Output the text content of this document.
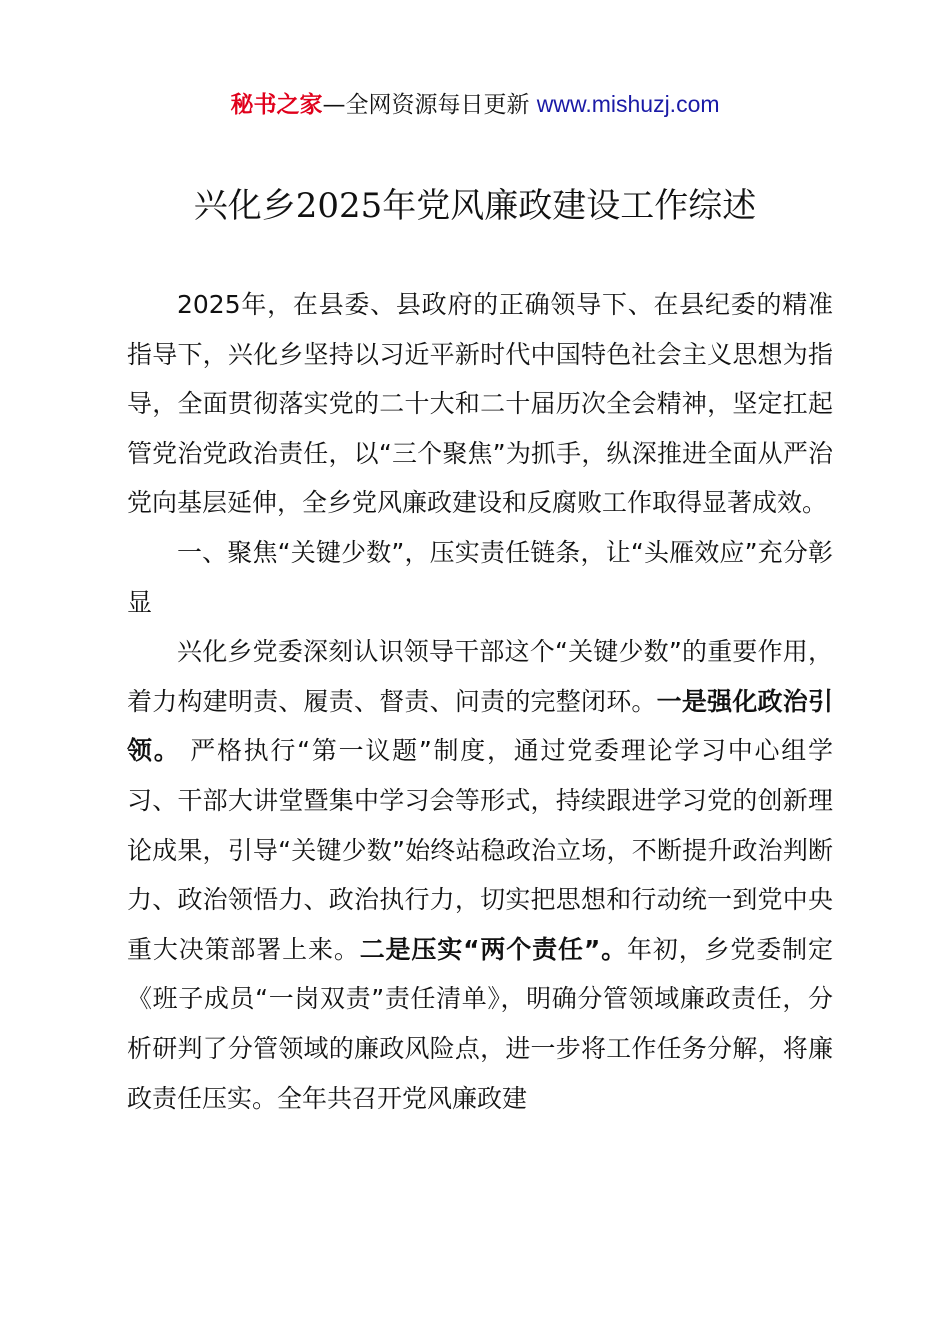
秘书之家—全网资源每日更新 www.mishuzj.com
兴化乡2025年党风廉政建设工作综述

2025年，在县委、县政府的正确领导下、在县纪委的精准指导下，兴化乡坚持以习近平新时代中国特色社会主义思想为指导，全面贯彻落实党的二十大和二十届历次全会精神，坚定扛起管党治党政治责任，以“三个聚焦”为抓手，纵深推进全面从严治党向基层延伸，全乡党风廉政建设和反腐败工作取得显著成效。

一、聚焦“关键少数”，压实责任链条，让“头雁效应”充分彰显

兴化乡党委深刻认识领导干部这个“关键少数”的重要作用，着力构建明责、履责、督责、问责的完整闭环。一是强化政治引领。 严格执行“第一议题”制度，通过党委理论学习中心组学习、干部大讲堂暨集中学习会等形式，持续跟进学习党的创新理论成果，引导“关键少数”始终站稳政治立场，不断提升政治判断力、政治领悟力、政治执行力，切实把思想和行动统一到党中央重大决策部署上来。二是压实“两个责任”。年初，乡党委制定《班子成员“一岗双责”责任清单》，明确分管领域廉政责任，分析研判了分管领域的廉政风险点，进一步将工作任务分解，将廉政责任压实。全年共召开党风廉政建
